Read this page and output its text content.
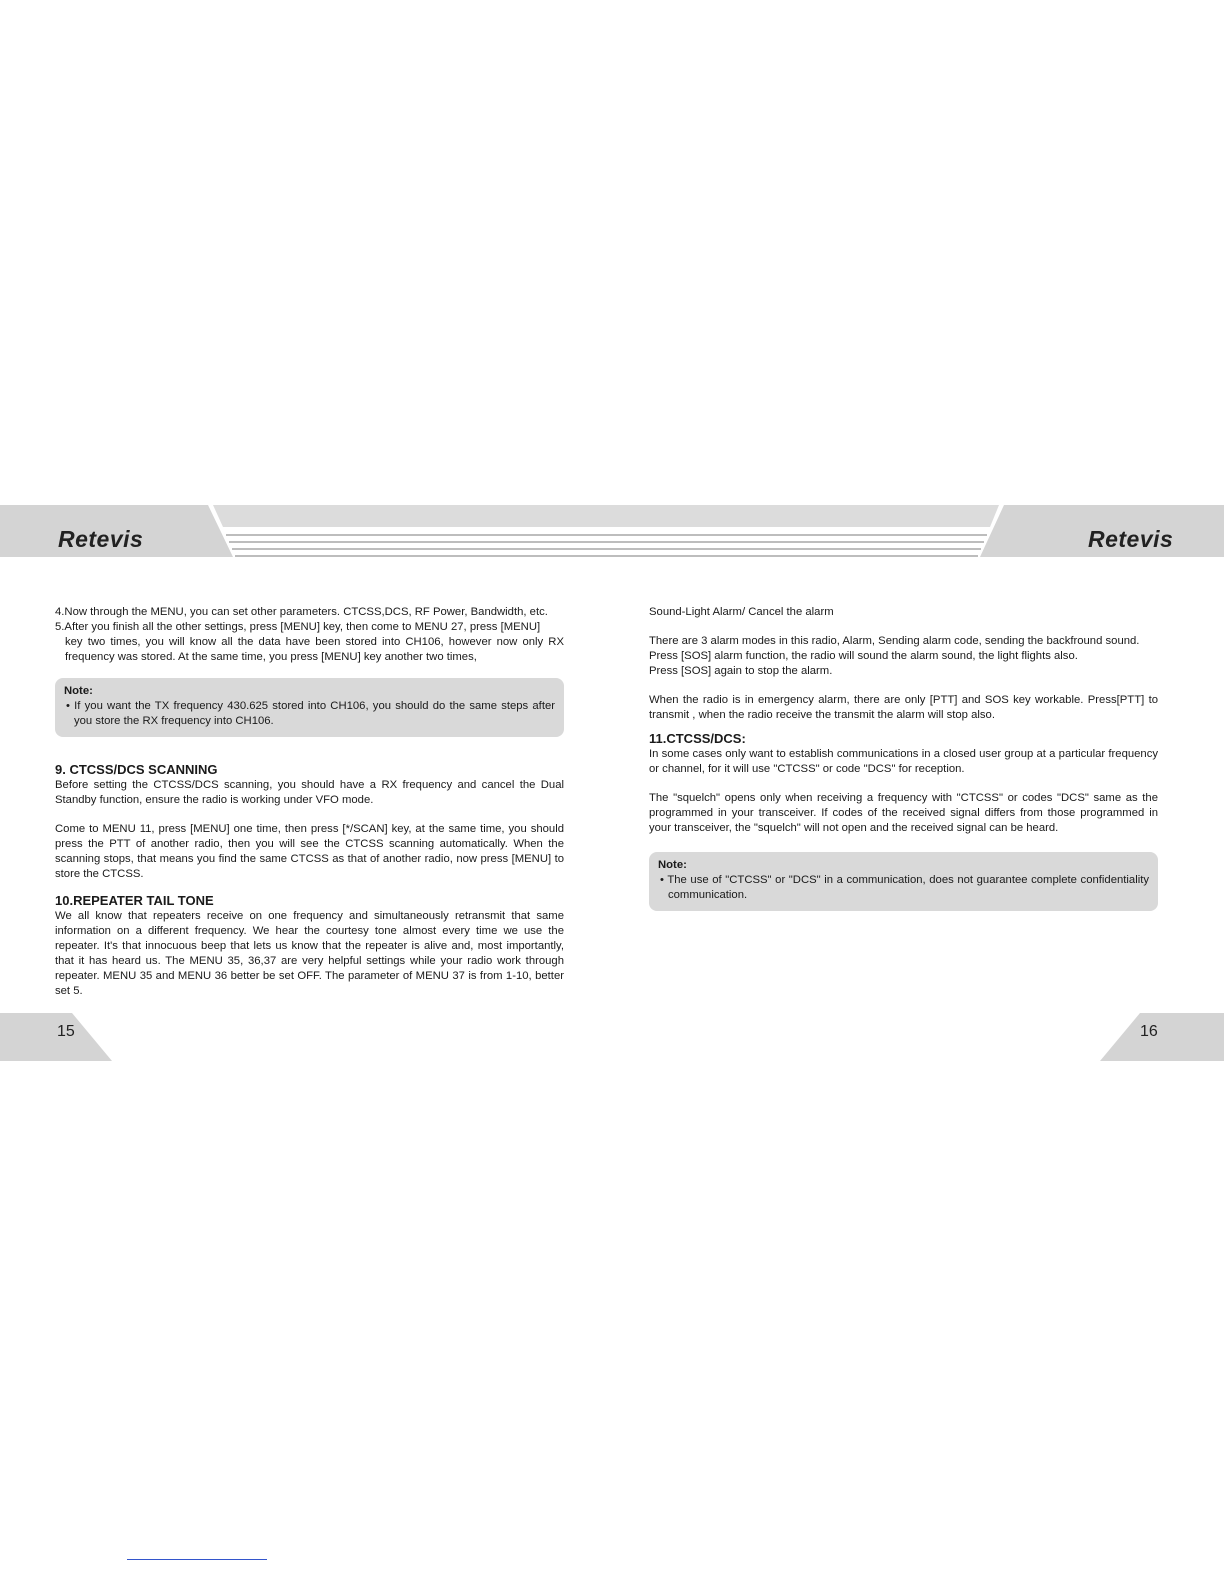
Retevis	Retevis

4.Now through the MENU, you can set other parameters. CTCSS,DCS, RF Power, Bandwidth, etc.

5.After you finish all the other settings, press [MENU] key, then come to MENU 27, press [MENU]

key two times, you will know all the data have been stored into CH106, however now only RX frequency was stored. At the same time, you press [MENU] key another two times,

Note:

• If you want the TX frequency 430.625 stored into CH106, you should do the same steps after you store the RX frequency into CH106.

9. CTCSS/DCS SCANNING

Before setting the CTCSS/DCS scanning, you should have a RX frequency and cancel the Dual Standby function, ensure the radio is working under VFO mode.

Come to MENU 11, press [MENU] one time, then press [*/SCAN] key, at the same time, you should press the PTT of another radio, then you will see the CTCSS scanning automatically. When the scanning stops, that means you find the same CTCSS as that of another radio, now press [MENU] to store the CTCSS.

10.REPEATER TAIL TONE

We all know that repeaters receive on one frequency and simultaneously retransmit that same information on a different frequency. We hear the courtesy tone almost every time we use the repeater. It's that innocuous beep that lets us know that the repeater is alive and, most importantly, that it has heard us. The MENU 35, 36,37 are very helpful settings while your radio work through repeater. MENU 35 and MENU 36 better be set OFF. The parameter of MENU 37 is from 1-10, better set 5.

Sound-Light Alarm/ Cancel the alarm

There are 3 alarm modes in this radio, Alarm, Sending alarm code, sending the backfround sound.

Press [SOS] alarm function, the radio will sound the alarm sound, the light flights also.

Press [SOS] again to stop the alarm.

When the radio is in emergency alarm, there are only [PTT] and SOS key workable. Press[PTT] to transmit , when the radio receive the transmit the alarm will stop also.

11.CTCSS/DCS:

In some cases only want to establish communications in a closed user group at a particular frequency or channel, for it will use "CTCSS" or code "DCS" for reception.

The "squelch" opens only when receiving a frequency with "CTCSS" or codes "DCS" same as the programmed in your transceiver. If codes of the received signal differs from those programmed in your transceiver, the "squelch" will not open and the received signal can be heard.

Note:

• The use of "CTCSS" or "DCS" in a communication, does not guarantee complete confidentiality communication.

15	16
